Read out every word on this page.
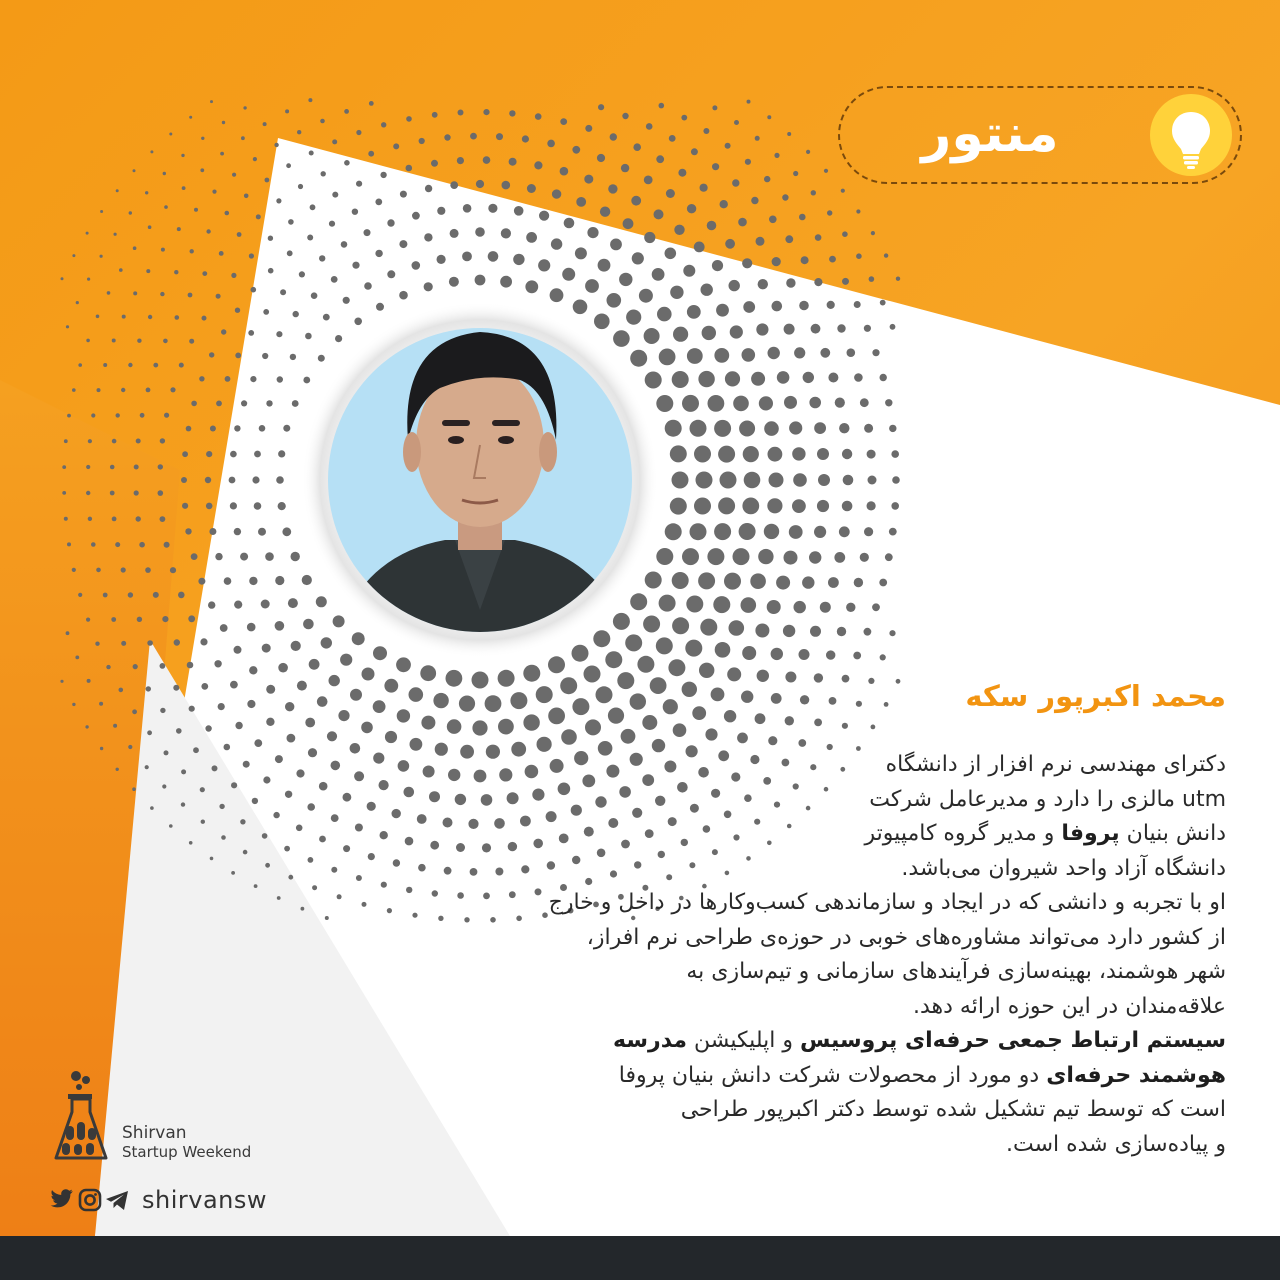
منتور
محمد اکبرپور سکه

دکترای مهندسی نرم افزار از دانشگاه

utm مالزی را دارد و مدیرعامل شرکت

دانش بنیان پروفا و مدیر گروه کامپیوتر

دانشگاه آزاد واحد شیروان می‌باشد.

او با تجربه و دانشی که در ایجاد و سازماندهی کسب‌وکارها در داخل و خارج

از کشور دارد می‌تواند مشاوره‌های خوبی در حوزه‌ی طراحی نرم افراز،

شهر هوشمند، بهینه‌سازی فرآیندهای سازمانی و تیم‌سازی به

علاقه‌مندان در این حوزه ارائه دهد.

سیستم ارتباط جمعی حرفه‌ای پروسیس و اپلیکیشن مدرسه

هوشمند حرفه‌ای دو مورد از محصولات شرکت دانش بنیان پروفا

است که توسط تیم تشکیل شده توسط دکتر اکبرپور طراحی

و پیاده‌سازی شده است.

Shirvan
Startup Weekend
shirvansw
